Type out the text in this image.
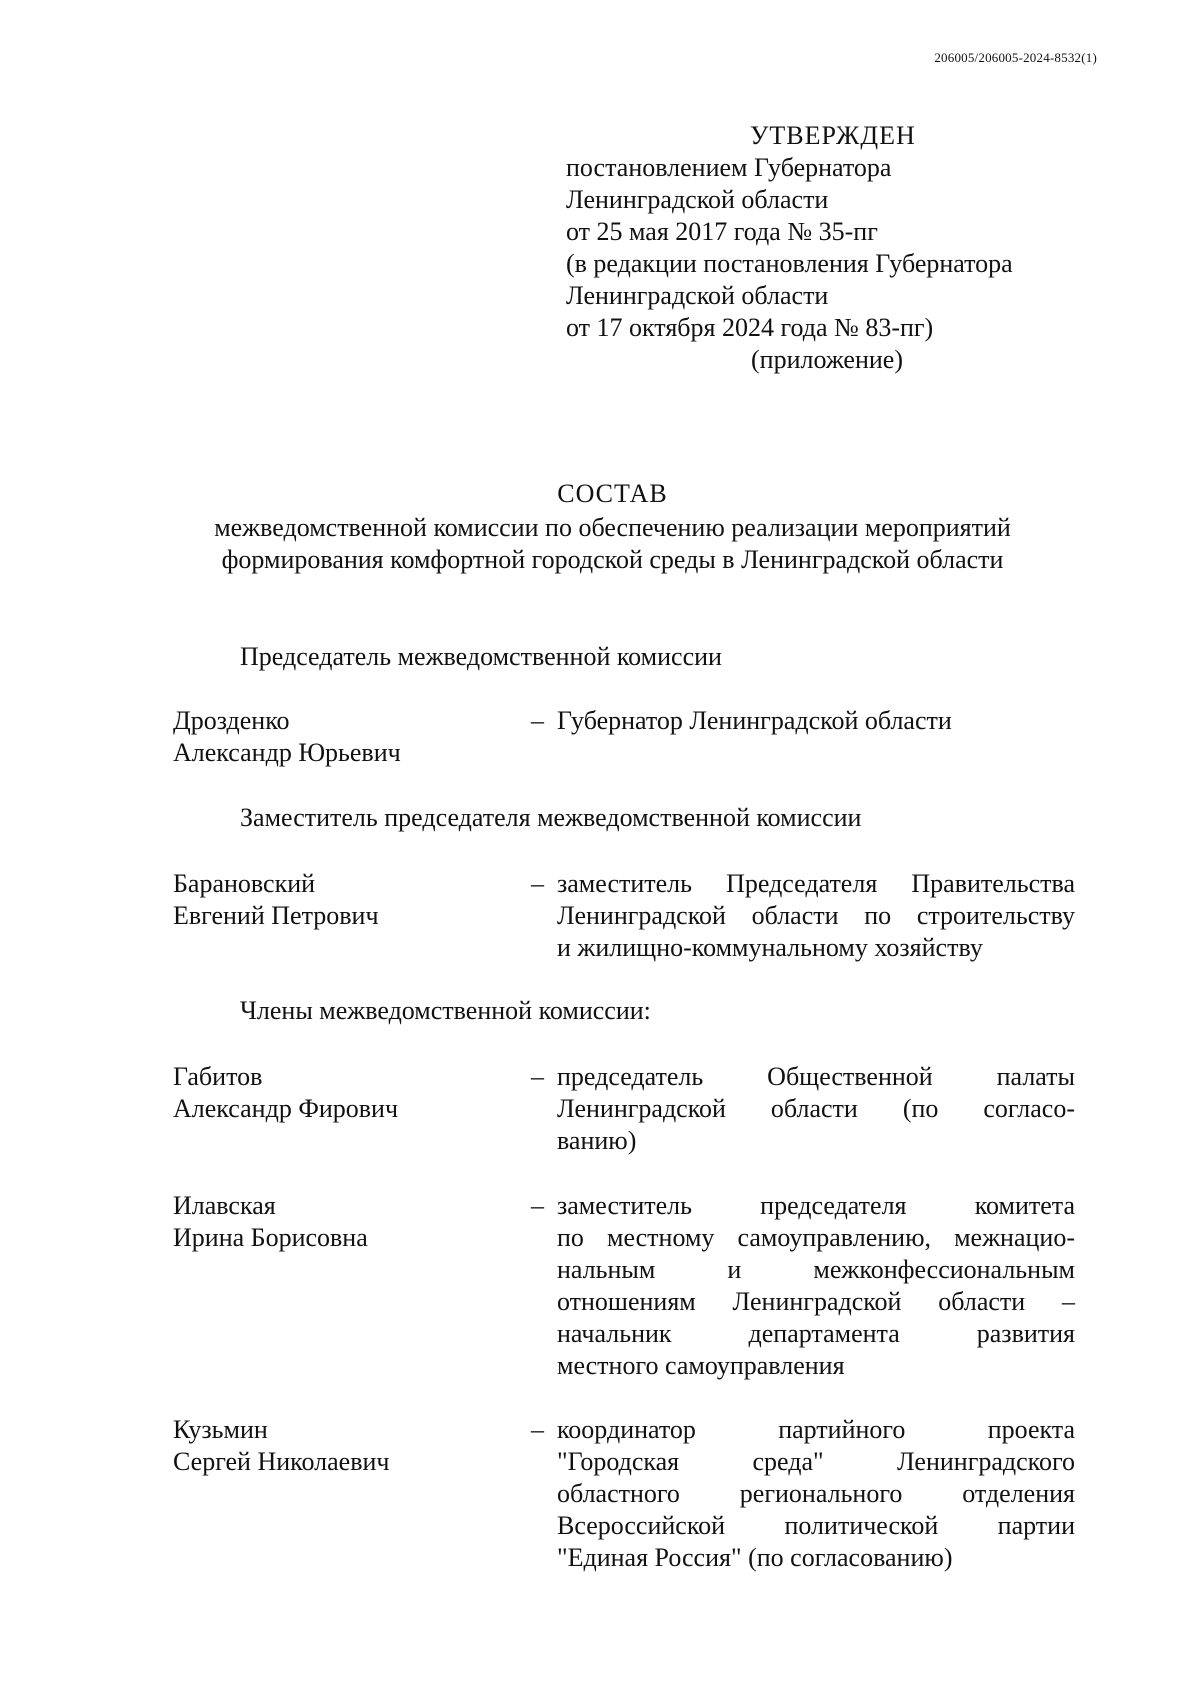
206005/206005-2024-8532(1)
УТВЕРЖДЕН
постановлением Губернатора
Ленинградской области
от 25 мая 2017 года № 35-пг
(в редакции постановления Губернатора
Ленинградской области
от 17 октября 2024 года № 83-пг)
(приложение)
СОСТАВ
межведомственной комиссии по обеспечению реализации мероприятий
формирования комфортной городской среды в Ленинградской области
Председатель межведомственной комиссии
Дрозденко
Александр Юрьевич
– Губернатор Ленинградской области
Заместитель председателя межведомственной комиссии
Барановский
Евгений Петрович
– заместитель Председателя Правительства
Ленинградской области по строительству
и жилищно-коммунальному хозяйству
Члены межведомственной комиссии:
Габитов
Александр Фирович
– председатель Общественной палаты
Ленинградской области (по согласо-
ванию)
Илавская
Ирина Борисовна
– заместитель председателя комитета
по местному самоуправлению, межнацио-
нальным и межконфессиональным
отношениям Ленинградской области –
начальник департамента развития
местного самоуправления
Кузьмин
Сергей Николаевич
– координатор партийного проекта
"Городская среда" Ленинградского
областного регионального отделения
Всероссийской политической партии
"Единая Россия" (по согласованию)
